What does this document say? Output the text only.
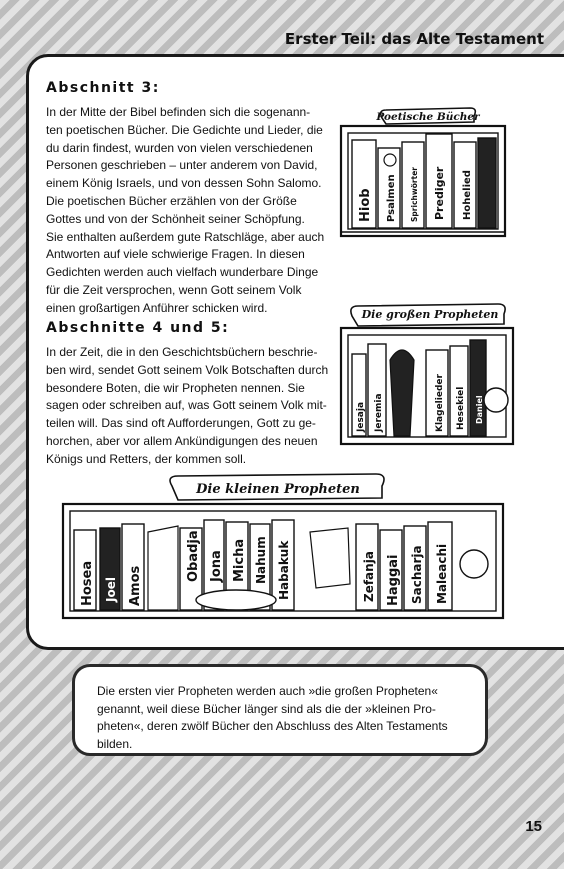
Erster Teil: das Alte Testament
Abschnitt 3:
In der Mitte der Bibel befinden sich die sogenann-
ten poetischen Bücher. Die Gedichte und Lieder, die
du darin findest, wurden von vielen verschiedenen
Personen geschrieben – unter anderem von David,
einem König Israels, und von dessen Sohn Salomo.
Die poetischen Bücher erzählen von der Größe
Gottes und von der Schönheit seiner Schöpfung.
Sie enthalten außerdem gute Ratschläge, aber auch
Antworten auf viele schwierige Fragen. In diesen
Gedichten werden auch vielfach wunderbare Dinge
für die Zeit versprochen, wenn Gott seinem Volk
einen großartigen Anführer schicken wird.
Abschnitte 4 und 5:
In der Zeit, die in den Geschichtsbüchern beschrie-
ben wird, sendet Gott seinem Volk Botschaften durch
besondere Boten, die wir Propheten nennen. Sie
sagen oder schreiben auf, was Gott seinem Volk mit-
teilen will. Das sind oft Aufforderungen, Gott zu ge-
horchen, aber vor allem Ankündigungen des neuen
Königs und Retters, der kommen soll.
Poetische Bücher
Hiob Psalmen Sprichwörter Prediger Hohelied
Die großen Propheten
Jesaja Jeremia	Klagelieder Hesekiel Daniel
Die kleinen Propheten
Hosea Joel Amos
Obadja Jona Micha Nahum Habakuk	Zefanja Haggai Sacharja Maleachi
Die ersten vier Propheten werden auch »die großen Propheten«
genannt, weil diese Bücher länger sind als die der »kleinen Pro-
pheten«, deren zwölf Bücher den Abschluss des Alten Testaments
bilden.
15
